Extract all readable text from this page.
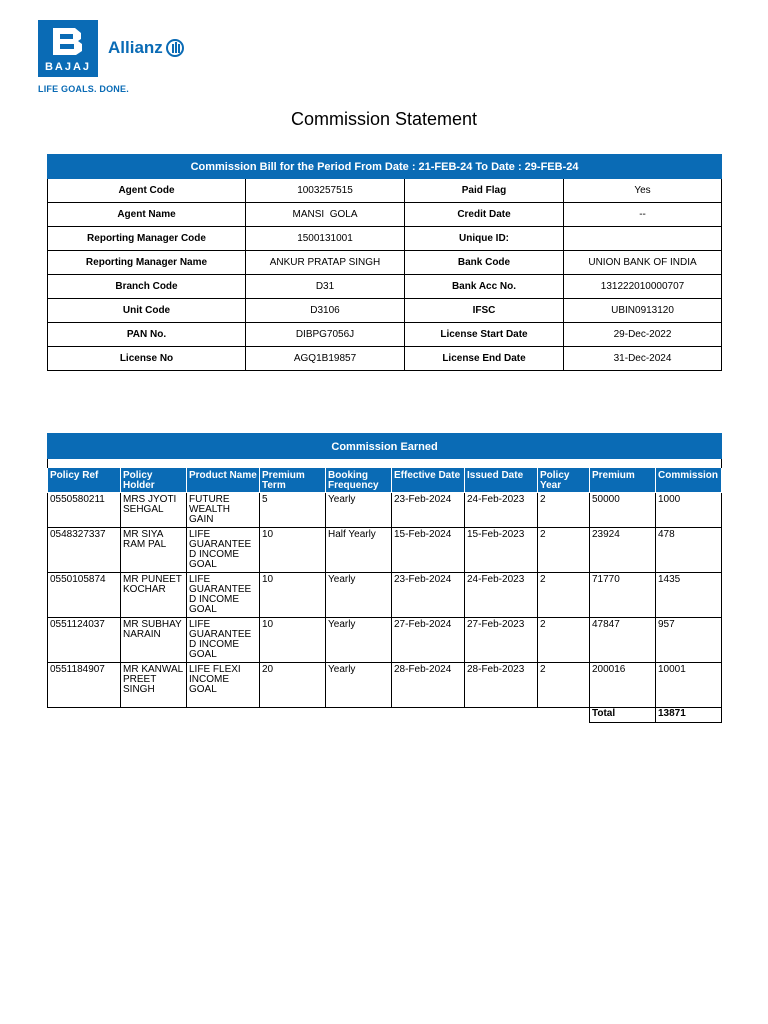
BAJAJ
Allianz
LIFE GOALS. DONE.
Commission Statement
Commission Bill for the Period From Date : 21-FEB-24 To Date : 29-FEB-24			
Agent Code	1003257515	Paid Flag	Yes
Agent Name	MANSI  GOLA	Credit Date	--
Reporting Manager Code	1500131001	Unique ID:	
Reporting Manager Name	ANKUR PRATAP SINGH	Bank Code	UNION BANK OF INDIA
Branch Code	D31	Bank Acc No.	131222010000707
Unit Code	D3106	IFSC	UBIN0913120
PAN No.	DIBPG7056J	License Start Date	29-Dec-2022
License No	AGQ1B19857	License End Date	31-Dec-2024
Commission Earned									

Policy Ref	Policy Holder	Product Name	Premium Term	Booking Frequency	Effective Date	Issued Date	Policy Year	Premium	Commission
0550580211	MRS JYOTI SEHGAL	FUTURE WEALTH GAIN	5	Yearly	23-Feb-2024	24-Feb-2023	2	50000	1000
0548327337	MR SIYA RAM PAL	LIFE GUARANTEE D INCOME GOAL	10	Half Yearly	15-Feb-2024	15-Feb-2023	2	23924	478
0550105874	MR PUNEET KOCHAR	LIFE GUARANTEE D INCOME GOAL	10	Yearly	23-Feb-2024	24-Feb-2023	2	71770	1435
0551124037	MR SUBHAY NARAIN	LIFE GUARANTEE D INCOME GOAL	10	Yearly	27-Feb-2024	27-Feb-2023	2	47847	957
0551184907	MR KANWAL PREET SINGH	LIFE FLEXI INCOME GOAL	20	Yearly	28-Feb-2024	28-Feb-2023	2	200016	10001
								Total	13871
